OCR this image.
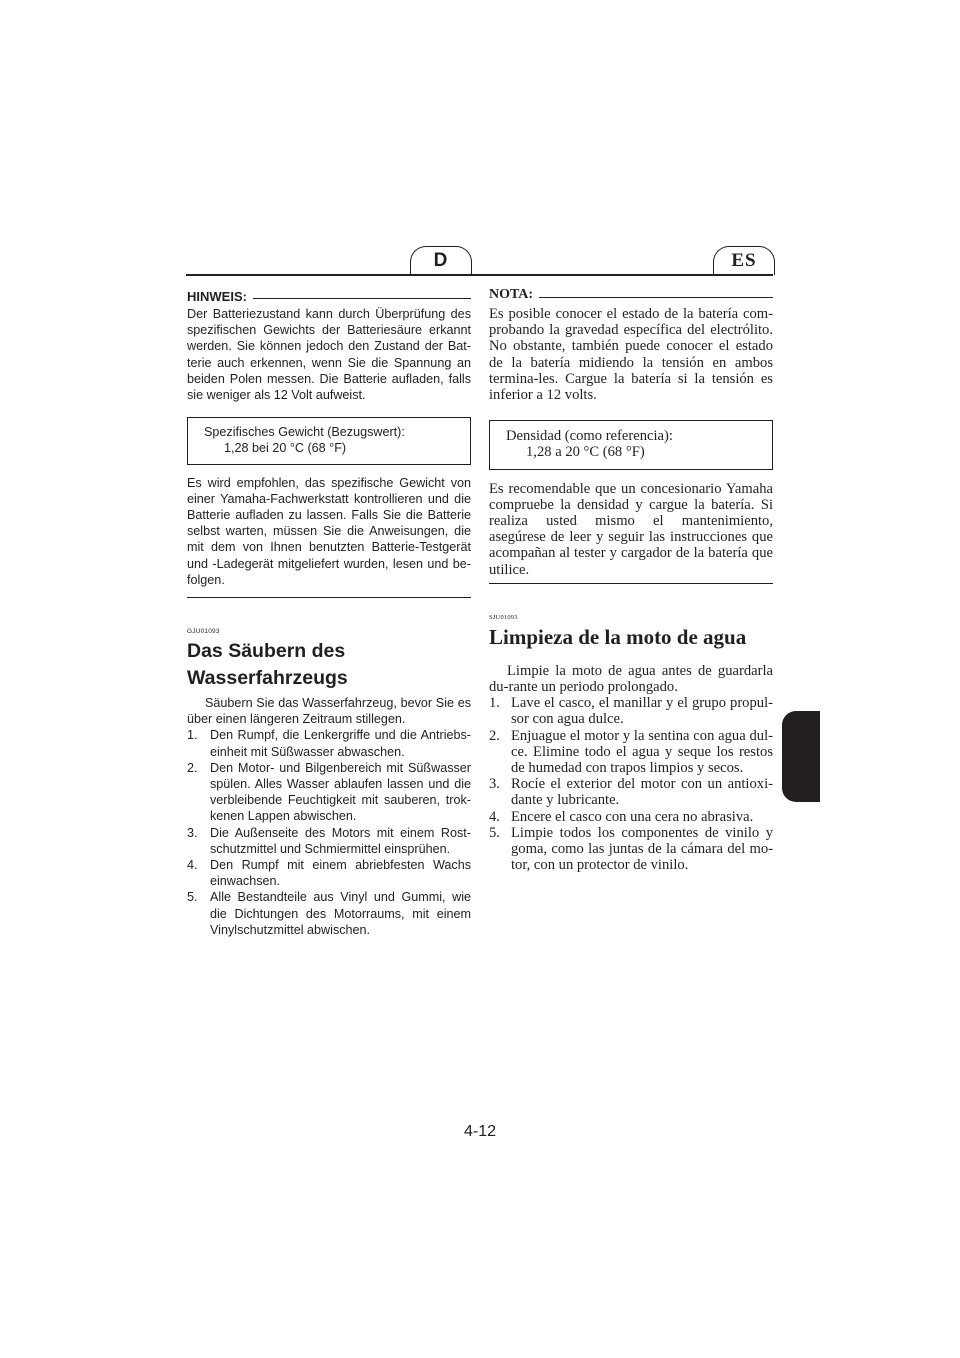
D	ES
HINWEIS:

Der Batteriezustand kann durch Überprüfung des spezifischen Gewichts der Batteriesäure erkannt werden. Sie können jedoch den Zustand der Bat-terie auch erkennen, wenn Sie die Spannung an beiden Polen messen. Die Batterie aufladen, falls sie weniger als 12 Volt aufweist.

Spezifisches Gewicht (Bezugswert):

1,28 bei 20 °C (68 °F)

Es wird empfohlen, das spezifische Gewicht von einer Yamaha-Fachwerkstatt kontrollieren und die Batterie aufladen zu lassen. Falls Sie die Batterie selbst warten, müssen Sie die Anweisungen, die mit dem von Ihnen benutzten Batterie-Testgerät und -Ladegerät mitgeliefert wurden, lesen und be-folgen.

GJU01093
Das Säubern des
Wasserfahrzeugs

Säubern Sie das Wasserfahrzeug, bevor Sie es über einen längeren Zeitraum stillegen.

1. Den Rumpf, die Lenkergriffe und die Antriebs-einheit mit Süßwasser abwaschen.
2. Den Motor- und Bilgenbereich mit Süßwasser spülen. Alles Wasser ablaufen lassen und die verbleibende Feuchtigkeit mit sauberen, trok-kenen Lappen abwischen.
3. Die Außenseite des Motors mit einem Rost-schutzmittel und Schmiermittel einsprühen.
4. Den Rumpf mit einem abriebfesten Wachs einwachsen.
5. Alle Bestandteile aus Vinyl und Gummi, wie die Dichtungen des Motorraums, mit einem Vinylschutzmittel abwischen.
NOTA:

Es posible conocer el estado de la batería com-probando la gravedad específica del electrólito. No obstante, también puede conocer el estado de la batería midiendo la tensión en ambos termina-les. Cargue la batería si la tensión es inferior a 12 volts.

Densidad (como referencia):

1,28 a 20 °C (68 °F)

Es recomendable que un concesionario Yamaha compruebe la densidad y cargue la batería. Si realiza usted mismo el mantenimiento, asegúrese de leer y seguir las instrucciones que acompañan al tester y cargador de la batería que utilice.

SJU01093
Limpieza de la moto de agua

Limpie la moto de agua antes de guardarla du-rante un periodo prolongado.

1. Lave el casco, el manillar y el grupo propul-sor con agua dulce.
2. Enjuague el motor y la sentina con agua dul-ce. Elimine todo el agua y seque los restos de humedad con trapos limpios y secos.
3. Rocíe el exterior del motor con un antioxi-dante y lubricante.
4. Encere el casco con una cera no abrasiva.
5. Limpie todos los componentes de vinilo y goma, como las juntas de la cámara del mo-tor, con un protector de vinilo.
4-12
